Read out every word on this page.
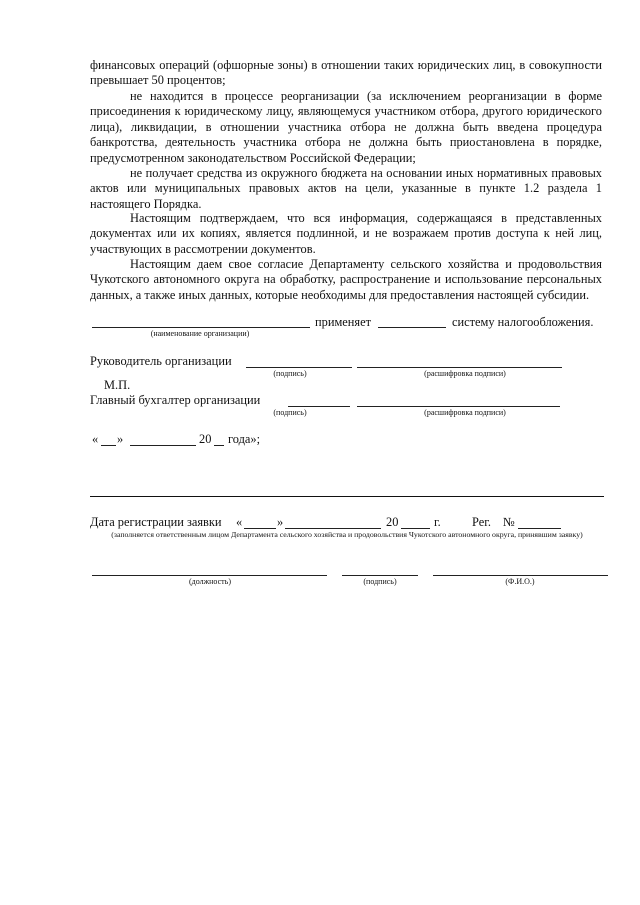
финансовых операций (офшорные зоны) в отношении таких юридических лиц, в совокупности превышает 50 процентов;

не находится в процессе реорганизации (за исключением реорганизации в форме присоединения к юридическому лицу, являющемуся участником отбора, другого юридического лица), ликвидации, в отношении участника отбора не должна быть введена процедура банкротства, деятельность участника отбора не должна быть приостановлена в порядке, предусмотренном законодательством Российской Федерации;

не получает средства из окружного бюджета на основании иных нормативных правовых актов или муниципальных правовых актов на цели, указанные в пункте 1.2 раздела 1 настоящего Порядка.

Настоящим подтверждаем, что вся информация, содержащаяся в представленных документах или их копиях, является подлинной, и не возражаем против доступа к ней лиц, участвующих в рассмотрении документов.

Настоящим даем свое согласие Департаменту сельского хозяйства и продовольствия Чукотского автономного округа на обработку, распространение и использование персональных данных, а также иных данных, которые необходимы для предоставления настоящей субсидии.

применяет	систему налогообложения.
(наименование организации)
Руководитель организации
(подпись)	(расшифровка подписи)
М.П.
Главный бухгалтер организации
(подпись)	(расшифровка подписи)
« »	20 года»;
Дата регистрации заявки «	»	20	г.	Рег. №
(заполняется ответственным лицом Департамента сельского хозяйства и продовольствия Чукотского автономного округа, принявшим заявку)
(должность)	(подпись)	(Ф.И.О.)
